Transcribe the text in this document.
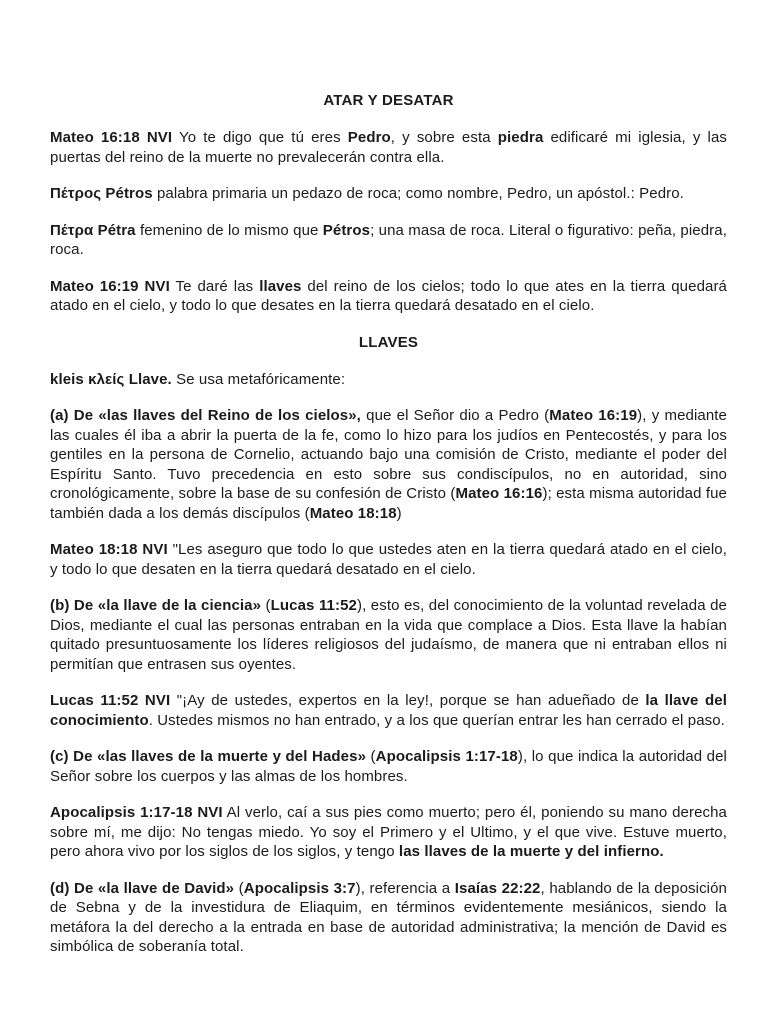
ATAR Y DESATAR

Mateo 16:18 NVI Yo te digo que tú eres Pedro, y sobre esta piedra edificaré mi iglesia, y las puertas del reino de la muerte no prevalecerán contra ella.

Πέτρος Pétros palabra primaria un pedazo de roca; como nombre, Pedro, un apóstol.: Pedro.

Πέτρα Pétra femenino de lo mismo que Pétros; una masa de roca. Literal o figurativo: peña, piedra, roca.

Mateo 16:19 NVI Te daré las llaves del reino de los cielos; todo lo que ates en la tierra quedará atado en el cielo, y todo lo que desates en la tierra quedará desatado en el cielo.

LLAVES

kleis κλείς Llave. Se usa metafóricamente:

(a) De «las llaves del Reino de los cielos», que el Señor dio a Pedro (Mateo 16:19), y mediante las cuales él iba a abrir la puerta de la fe, como lo hizo para los judíos en Pentecostés, y para los gentiles en la persona de Cornelio, actuando bajo una comisión de Cristo, mediante el poder del Espíritu Santo. Tuvo precedencia en esto sobre sus condiscípulos, no en autoridad, sino cronológicamente, sobre la base de su confesión de Cristo (Mateo 16:16); esta misma autoridad fue también dada a los demás discípulos (Mateo 18:18)

Mateo 18:18 NVI "Les aseguro que todo lo que ustedes aten en la tierra quedará atado en el cielo, y todo lo que desaten en la tierra quedará desatado en el cielo.

(b) De «la llave de la ciencia» (Lucas 11:52), esto es, del conocimiento de la voluntad revelada de Dios, mediante el cual las personas entraban en la vida que complace a Dios. Esta llave la habían quitado presuntuosamente los líderes religiosos del judaísmo, de manera que ni entraban ellos ni permitían que entrasen sus oyentes.

Lucas 11:52 NVI "¡Ay de ustedes, expertos en la ley!, porque se han adueñado de la llave del conocimiento. Ustedes mismos no han entrado, y a los que querían entrar les han cerrado el paso.

(c) De «las llaves de la muerte y del Hades» (Apocalipsis 1:17-18), lo que indica la autoridad del Señor sobre los cuerpos y las almas de los hombres.

Apocalipsis 1:17-18 NVI Al verlo, caí a sus pies como muerto; pero él, poniendo su mano derecha sobre mí, me dijo: No tengas miedo. Yo soy el Primero y el Ultimo, y el que vive. Estuve muerto, pero ahora vivo por los siglos de los siglos, y tengo las llaves de la muerte y del infierno.

(d) De «la llave de David» (Apocalipsis 3:7), referencia a Isaías 22:22, hablando de la deposición de Sebna y de la investidura de Eliaquim, en términos evidentemente mesiánicos, siendo la metáfora la del derecho a la entrada en base de autoridad administrativa; la mención de David es simbólica de soberanía total.
